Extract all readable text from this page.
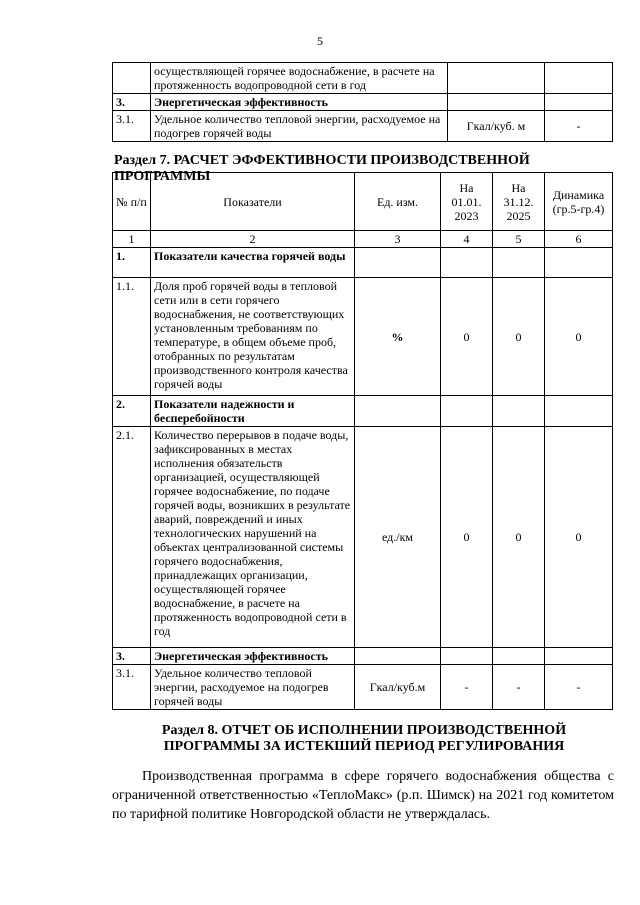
5
	осуществляющей горячее водоснабжение, в расчете на протяженность водопроводной сети в год		
3.	Энергетическая эффективность		
3.1.	Удельное количество тепловой энергии, расходуемое на подогрев горячей воды	Гкал/куб. м	-
Раздел 7. РАСЧЕТ ЭФФЕКТИВНОСТИ ПРОИЗВОДСТВЕННОЙ ПРОГРАММЫ
№ п/п	Показатели	Ед. изм.	На 01.01. 2023	На 31.12. 2025	Динамика (гр.5-гр.4)
1	2	3	4	5	6
1.	Показатели качества горячей воды				
1.1.	Доля проб горячей воды в тепловой сети или в сети горячего водоснабжения, не соответствующих установленным требованиям по температуре, в общем объеме проб, отобранных по результатам производственного контроля качества горячей воды	%	0	0	0
2.	Показатели надежности и бесперебойности				
2.1.	Количество перерывов в подаче воды, зафиксированных в местах исполнения обязательств организацией, осуществляющей горячее водоснабжение, по подаче горячей воды, возникших в результате аварий, повреждений и иных технологических нарушений на объектах централизованной системы горячего водоснабжения, принадлежащих организации, осуществляющей горячее водоснабжение, в расчете на протяженность водопроводной сети в год	ед./км	0	0	0
3.	Энергетическая эффективность				
3.1.	Удельное количество тепловой энергии, расходуемое на подогрев горячей воды	Гкал/куб.м	-	-	-
Раздел 8. ОТЧЕТ ОБ ИСПОЛНЕНИИ ПРОИЗВОДСТВЕННОЙ ПРОГРАММЫ ЗА ИСТЕКШИЙ ПЕРИОД РЕГУЛИРОВАНИЯ
Производственная программа в сфере горячего водоснабжения общества с ограниченной ответственностью «ТеплоМакс» (р.п. Шимск) на 2021 год комитетом по тарифной политике Новгородской области не утверждалась.
